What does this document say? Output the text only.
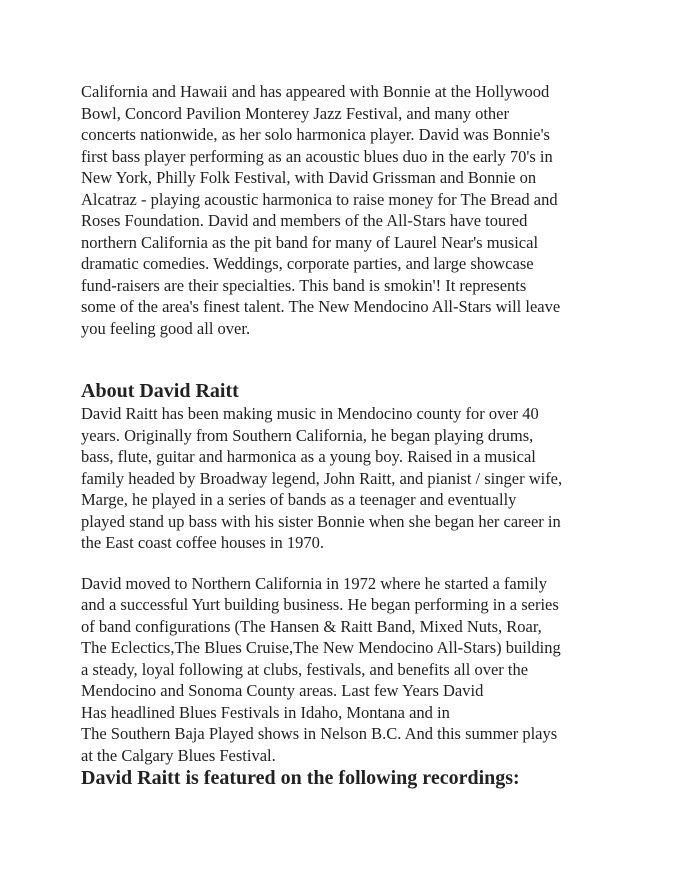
California and Hawaii and has appeared with Bonnie at the Hollywood
Bowl, Concord Pavilion Monterey Jazz Festival, and many other
concerts nationwide, as her solo harmonica player. David was Bonnie's
first bass player performing as an acoustic blues duo in the early 70's in
New York, Philly Folk Festival, with David Grissman and Bonnie on
Alcatraz - playing acoustic harmonica to raise money for The Bread and
Roses Foundation. David and members of the All-Stars have toured
northern California as the pit band for many of Laurel Near's musical
dramatic comedies. Weddings, corporate parties, and large showcase
fund-raisers are their specialties. This band is smokin'! It represents
some of the area's finest talent. The New Mendocino All-Stars will leave
you feeling good all over.
About David Raitt
David Raitt has been making music in Mendocino county for over 40
years. Originally from Southern California, he began playing drums,
bass, flute, guitar and harmonica as a young boy. Raised in a musical
family headed by Broadway legend, John Raitt, and pianist / singer wife,
Marge, he played in a series of bands as a teenager and eventually
played stand up bass with his sister Bonnie when she began her career in
the East coast coffee houses in 1970.
David moved to Northern California in 1972 where he started a family
and a successful Yurt building business. He began performing in a series
of band configurations (The Hansen & Raitt Band, Mixed Nuts, Roar,
The Eclectics,The Blues Cruise,The New Mendocino All-Stars) building
a steady, loyal following at clubs, festivals, and benefits all over the
Mendocino and Sonoma County areas. Last few Years David
Has headlined Blues Festivals in Idaho, Montana and in
The Southern Baja Played shows in Nelson B.C. And this summer plays
at the Calgary Blues Festival.
David Raitt is featured on the following recordings:
